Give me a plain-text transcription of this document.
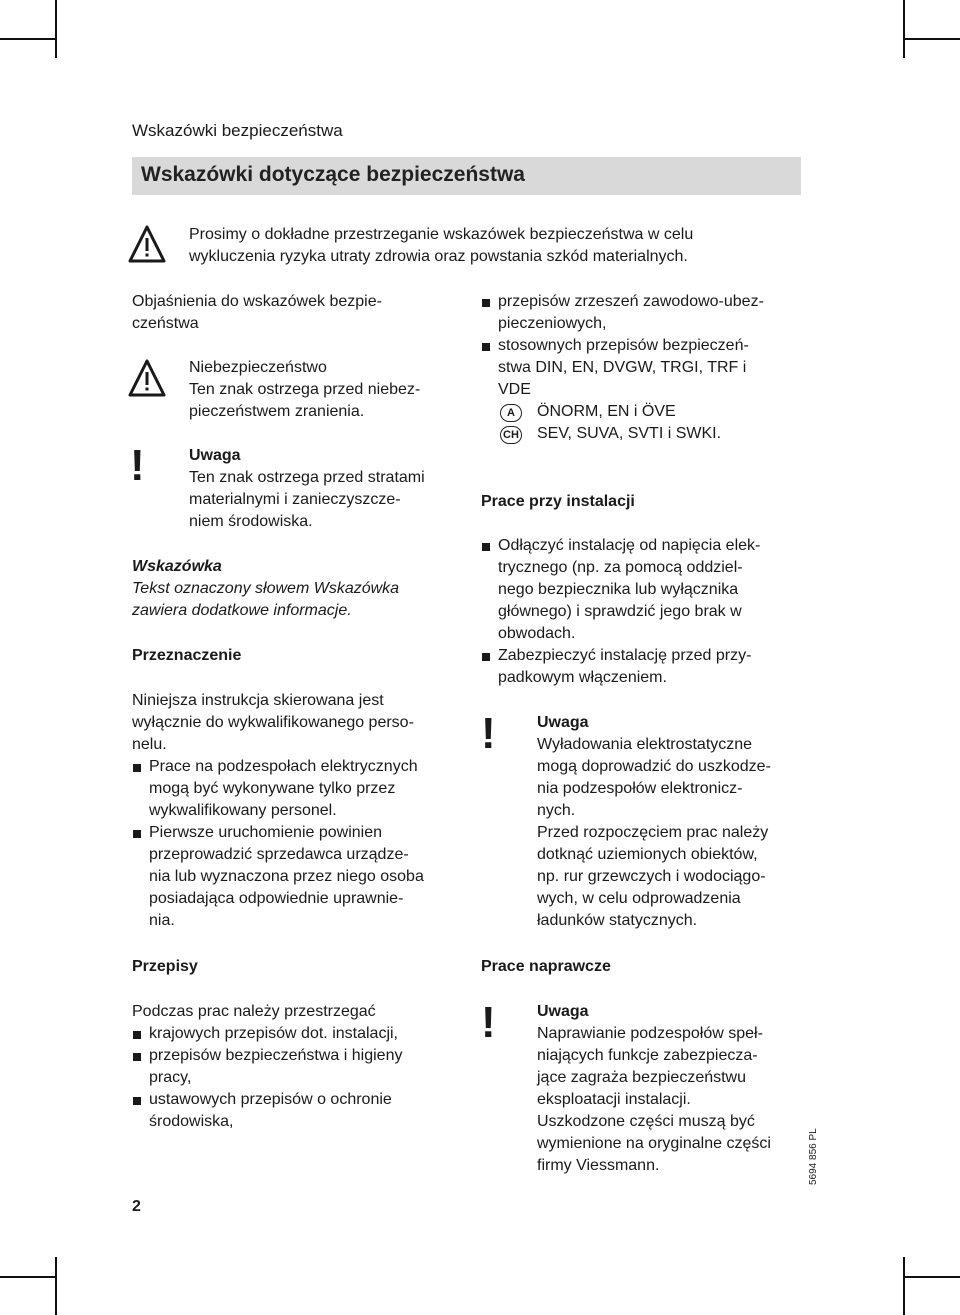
Wskazówki bezpieczeństwa
Wskazówki dotyczące bezpieczeństwa
Prosimy o dokładne przestrzeganie wskazówek bezpieczeństwa w celu
wykluczenia ryzyka utraty zdrowia oraz powstania szkód materialnych.
Objaśnienia do wskazówek bezpie-
czeństwa
Niebezpieczeństwo
Ten znak ostrzega przed niebez-
pieczeństwem zranienia.
!	Uwaga
Ten znak ostrzega przed stratami
materialnymi i zanieczyszcze-
niem środowiska.
Wskazówka
Tekst oznaczony słowem Wskazówka
zawiera dodatkowe informacje.
Przeznaczenie
Niniejsza instrukcja skierowana jest
wyłącznie do wykwalifikowanego perso-
nelu.
Prace na podzespołach elektrycznych
mogą być wykonywane tylko przez
wykwalifikowany personel.
Pierwsze uruchomienie powinien
przeprowadzić sprzedawca urządze-
nia lub wyznaczona przez niego osoba
posiadająca odpowiednie uprawnie-
nia.
Przepisy
Podczas prac należy przestrzegać
krajowych przepisów dot. instalacji,
przepisów bezpieczeństwa i higieny
pracy,
ustawowych przepisów o ochronie
środowiska,
2
przepisów zrzeszeń zawodowo-ubez-
pieczeniowych,
stosownych przepisów bezpieczeń-
stwa DIN, EN, DVGW, TRGI, TRF i
VDE
A	ÖNORM, EN i ÖVE
CH SEV, SUVA, SVTI i SWKI.
Prace przy instalacji
Odłączyć instalację od napięcia elek-
trycznego (np. za pomocą oddziel-
nego bezpiecznika lub wyłącznika
głównego) i sprawdzić jego brak w
obwodach.
Zabezpieczyć instalację przed przy-
padkowym włączeniem.
!	Uwaga
Wyładowania elektrostatyczne
mogą doprowadzić do uszkodze-
nia podzespołów elektronicz-
nych.
Przed rozpoczęciem prac należy
dotknąć uziemionych obiektów,
np. rur grzewczych i wodociągo-
wych, w celu odprowadzenia
ładunków statycznych.
Prace naprawcze
!	Uwaga
Naprawianie podzespołów speł-
niających funkcje zabezpiecza-
jące zagraża bezpieczeństwu
eksploatacji instalacji.
Uszkodzone części muszą być
wymienione na oryginalne części
firmy Viessmann.	5694 856 PL
